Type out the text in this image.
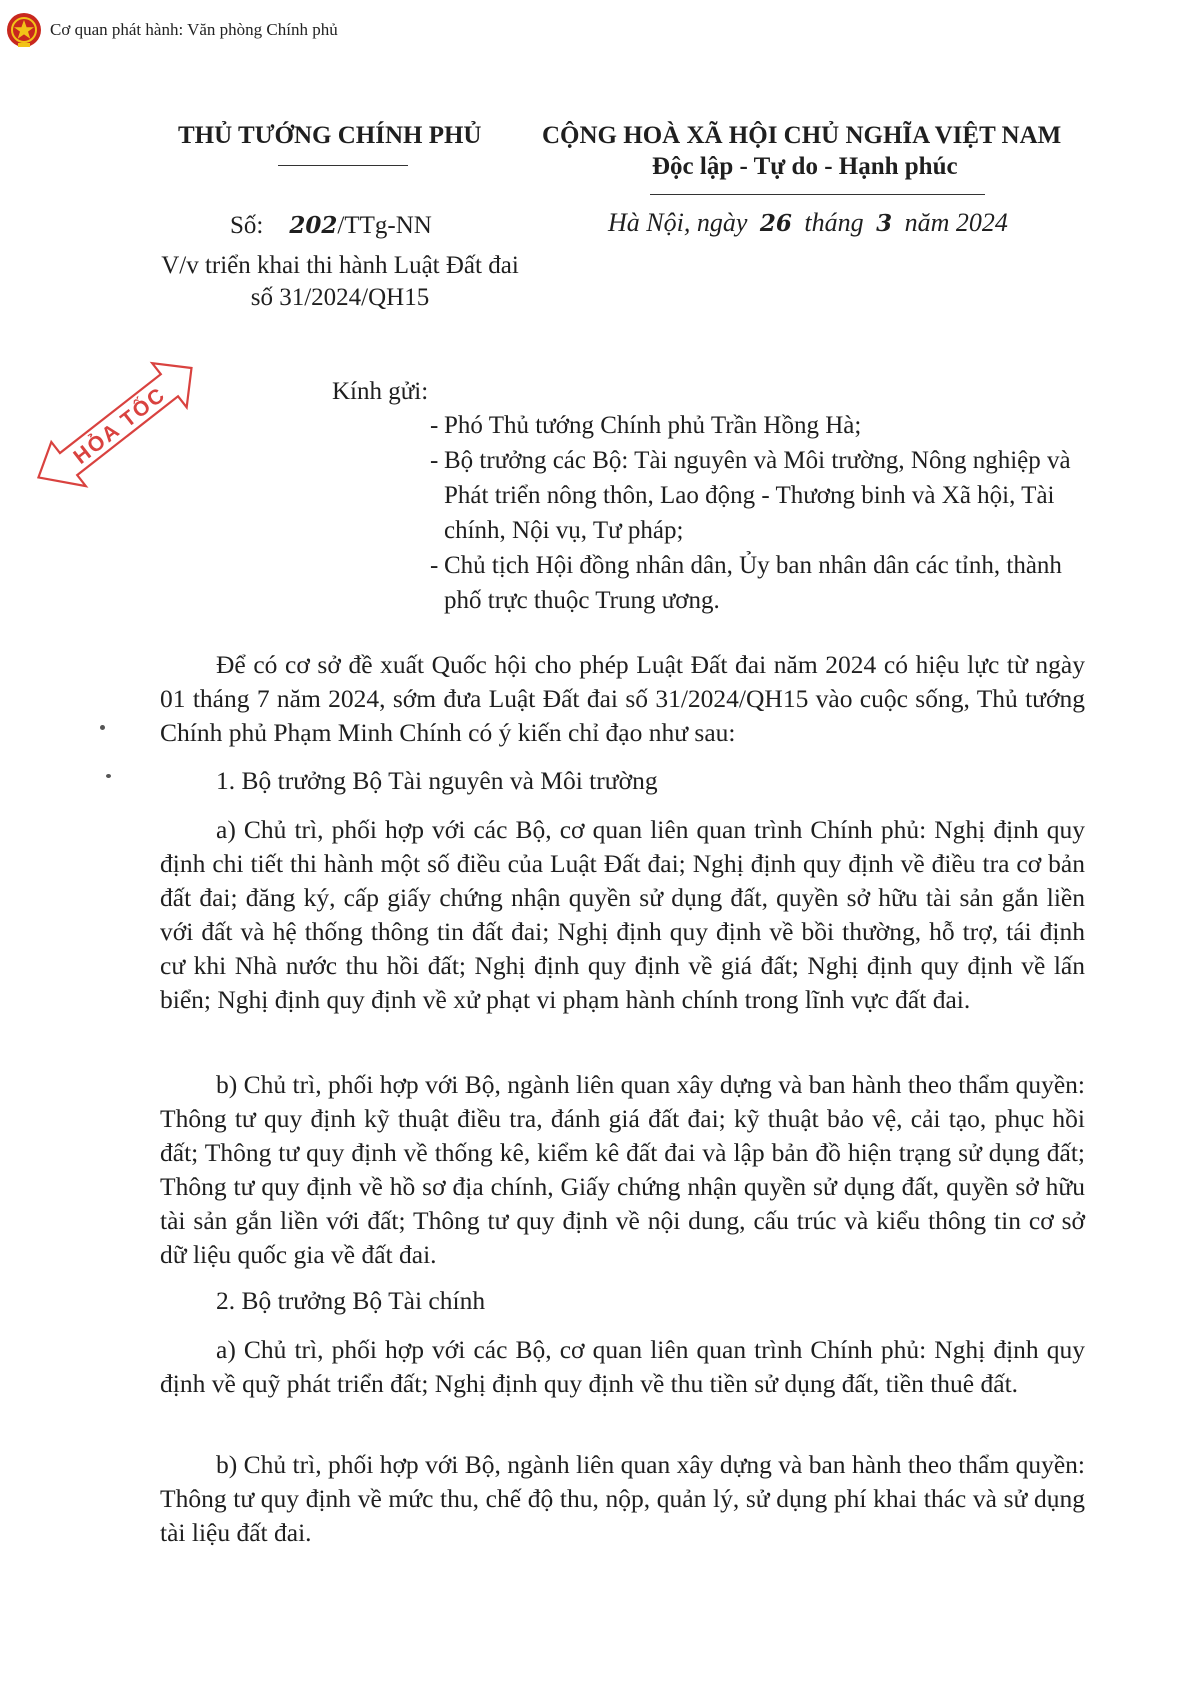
Cơ quan phát hành: Văn phòng Chính phủ
THỦ TƯỚNG CHÍNH PHỦ CỘNG HOÀ XÃ HỘI CHỦ NGHĨA VIỆT NAM
Độc lập - Tự do - Hạnh phúc
Số: 202/TTg-NN
V/v triển khai thi hành Luật Đất đai số 31/2024/QH15
Hà Nội, ngày 26 tháng 3 năm 2024
HỎA TỐC	Kính gửi:
- Phó Thủ tướng Chính phủ Trần Hồng Hà;
- Bộ trưởng các Bộ: Tài nguyên và Môi trường, Nông nghiệp và Phát triển nông thôn, Lao động - Thương binh và Xã hội, Tài chính, Nội vụ, Tư pháp;
- Chủ tịch Hội đồng nhân dân, Ủy ban nhân dân các tỉnh, thành phố trực thuộc Trung ương.

Để có cơ sở đề xuất Quốc hội cho phép Luật Đất đai năm 2024 có hiệu lực từ ngày 01 tháng 7 năm 2024, sớm đưa Luật Đất đai số 31/2024/QH15 vào cuộc sống, Thủ tướng Chính phủ Phạm Minh Chính có ý kiến chỉ đạo như sau:

1. Bộ trưởng Bộ Tài nguyên và Môi trường

a) Chủ trì, phối hợp với các Bộ, cơ quan liên quan trình Chính phủ: Nghị định quy định chi tiết thi hành một số điều của Luật Đất đai; Nghị định quy định về điều tra cơ bản đất đai; đăng ký, cấp giấy chứng nhận quyền sử dụng đất, quyền sở hữu tài sản gắn liền với đất và hệ thống thông tin đất đai; Nghị định quy định về bồi thường, hỗ trợ, tái định cư khi Nhà nước thu hồi đất; Nghị định quy định về giá đất; Nghị định quy định về lấn biển; Nghị định quy định về xử phạt vi phạm hành chính trong lĩnh vực đất đai.

b) Chủ trì, phối hợp với Bộ, ngành liên quan xây dựng và ban hành theo thẩm quyền: Thông tư quy định kỹ thuật điều tra, đánh giá đất đai; kỹ thuật bảo vệ, cải tạo, phục hồi đất; Thông tư quy định về thống kê, kiểm kê đất đai và lập bản đồ hiện trạng sử dụng đất; Thông tư quy định về hồ sơ địa chính, Giấy chứng nhận quyền sử dụng đất, quyền sở hữu tài sản gắn liền với đất; Thông tư quy định về nội dung, cấu trúc và kiểu thông tin cơ sở dữ liệu quốc gia về đất đai.

2. Bộ trưởng Bộ Tài chính

a) Chủ trì, phối hợp với các Bộ, cơ quan liên quan trình Chính phủ: Nghị định quy định về quỹ phát triển đất; Nghị định quy định về thu tiền sử dụng đất, tiền thuê đất.

b) Chủ trì, phối hợp với Bộ, ngành liên quan xây dựng và ban hành theo thẩm quyền: Thông tư quy định về mức thu, chế độ thu, nộp, quản lý, sử dụng phí khai thác và sử dụng tài liệu đất đai.
